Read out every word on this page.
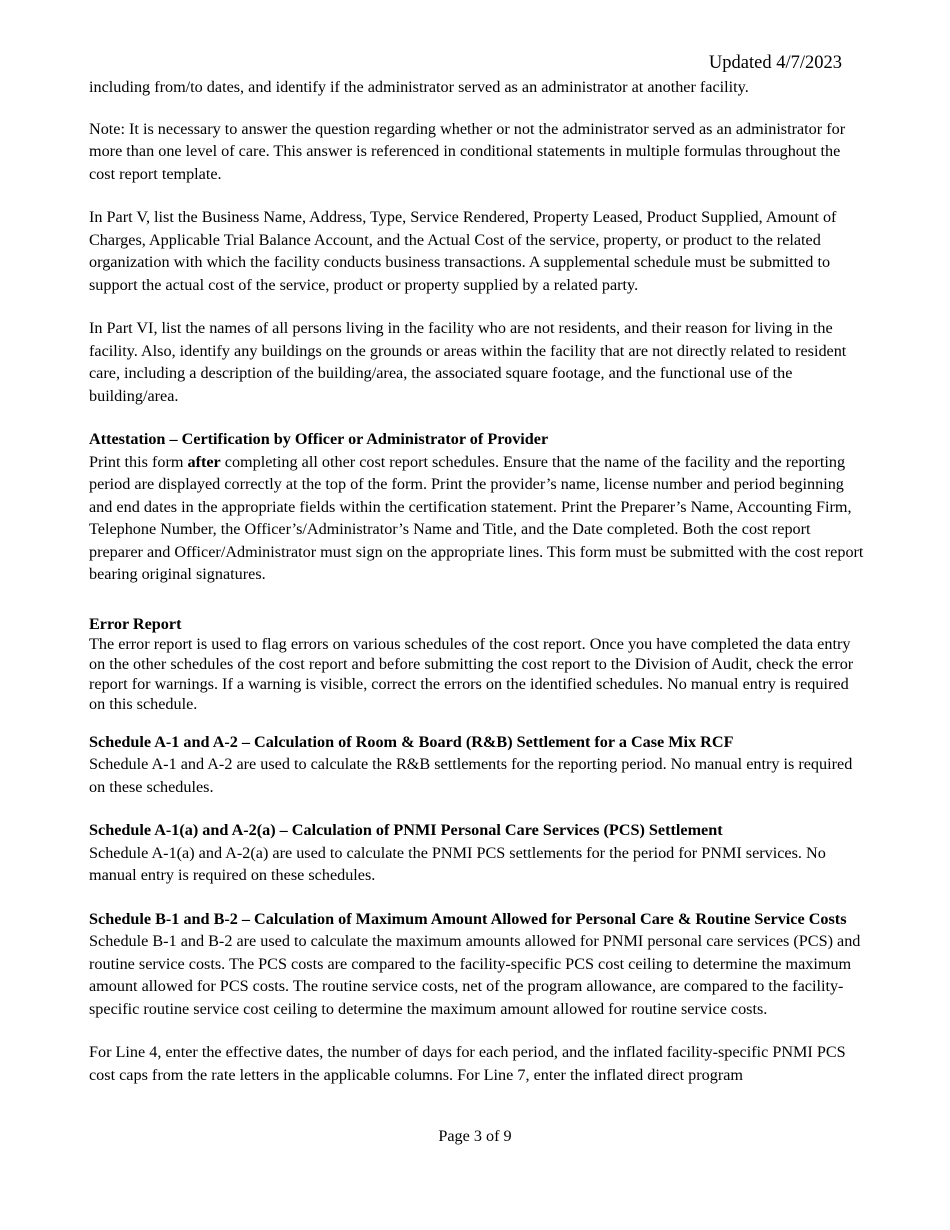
Updated 4/7/2023

including from/to dates, and identify if the administrator served as an administrator at another facility.

Note: It is necessary to answer the question regarding whether or not the administrator served as an administrator for more than one level of care. This answer is referenced in conditional statements in multiple formulas throughout the cost report template.

In Part V, list the Business Name, Address, Type, Service Rendered, Property Leased, Product Supplied, Amount of Charges, Applicable Trial Balance Account, and the Actual Cost of the service, property, or product to the related organization with which the facility conducts business transactions. A supplemental schedule must be submitted to support the actual cost of the service, product or property supplied by a related party.

In Part VI, list the names of all persons living in the facility who are not residents, and their reason for living in the facility. Also, identify any buildings on the grounds or areas within the facility that are not directly related to resident care, including a description of the building/area, the associated square footage, and the functional use of the building/area.

Attestation – Certification by Officer or Administrator of Provider

Print this form after completing all other cost report schedules. Ensure that the name of the facility and the reporting period are displayed correctly at the top of the form. Print the provider’s name, license number and period beginning and end dates in the appropriate fields within the certification statement. Print the Preparer’s Name, Accounting Firm, Telephone Number, the Officer’s/Administrator’s Name and Title, and the Date completed. Both the cost report preparer and Officer/Administrator must sign on the appropriate lines. This form must be submitted with the cost report bearing original signatures.

Error Report

The error report is used to flag errors on various schedules of the cost report. Once you have completed the data entry on the other schedules of the cost report and before submitting the cost report to the Division of Audit, check the error report for warnings. If a warning is visible, correct the errors on the identified schedules. No manual entry is required on this schedule.

Schedule A-1 and A-2 – Calculation of Room & Board (R&B) Settlement for a Case Mix RCF

Schedule A-1 and A-2 are used to calculate the R&B settlements for the reporting period. No manual entry is required on these schedules.

Schedule A-1(a) and A-2(a) – Calculation of PNMI Personal Care Services (PCS) Settlement

Schedule A-1(a) and A-2(a) are used to calculate the PNMI PCS settlements for the period for PNMI services. No manual entry is required on these schedules.

Schedule B-1 and B-2 – Calculation of Maximum Amount Allowed for Personal Care & Routine Service Costs

Schedule B-1 and B-2 are used to calculate the maximum amounts allowed for PNMI personal care services (PCS) and routine service costs. The PCS costs are compared to the facility-specific PCS cost ceiling to determine the maximum amount allowed for PCS costs. The routine service costs, net of the program allowance, are compared to the facility-specific routine service cost ceiling to determine the maximum amount allowed for routine service costs.

For Line 4, enter the effective dates, the number of days for each period, and the inflated facility-specific PNMI PCS cost caps from the rate letters in the applicable columns. For Line 7, enter the inflated direct program

Page 3 of 9
